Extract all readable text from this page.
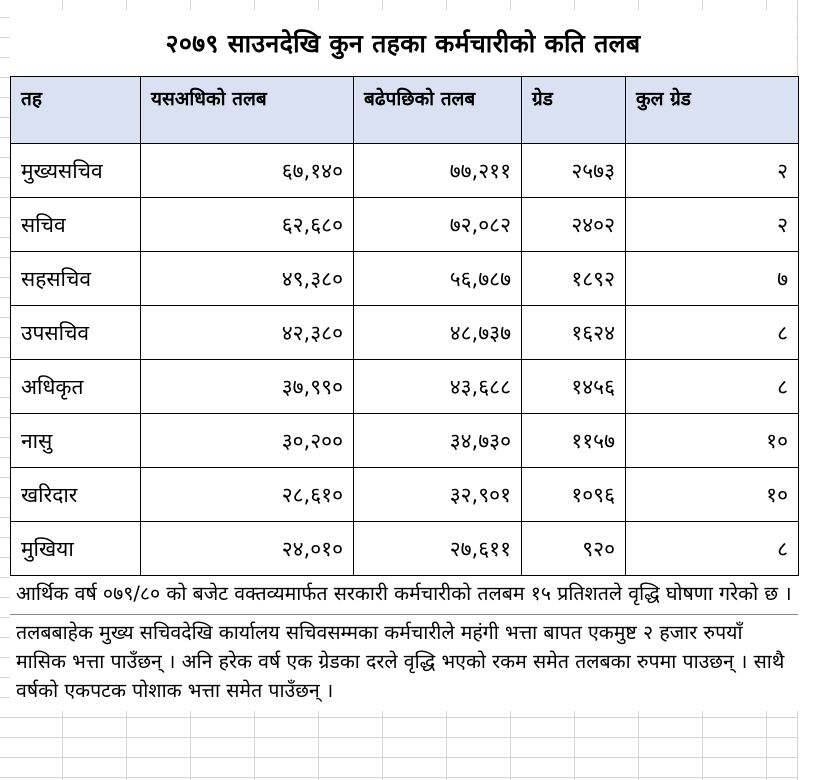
२०७९ साउनदेखि कुन तहका कर्मचारीको कति तलब
तह	यसअधिको तलब	बढेपछिको तलब	ग्रेड	कुल ग्रेड
मुख्यसचिव	६७,१४०	७७,२११	२५७३	२
सचिव	६२,६८०	७२,०८२	२४०२	२
सहसचिव	४९,३८०	५६,७८७	१८९२	७
उपसचिव	४२,३८०	४८,७३७	१६२४	८
अधिकृत	३७,९९०	४३,६८८	१४५६	८
नासु	३०,२००	३४,७३०	११५७	१०
खरिदार	२८,६१०	३२,९०१	१०९६	१०
मुखिया	२४,०१०	२७,६११	९२०	८
आर्थिक वर्ष ०७९/८० को बजेट वक्तव्यमार्फत सरकारी कर्मचारीको तलबम १५ प्रतिशतले वृद्धि घोषणा गरेको छ ।
तलबबाहेक मुख्य सचिवदेखि कार्यालय सचिवसम्मका कर्मचारीले महंगी भत्ता बापत एकमुष्ट २ हजार रुपयाँ मासिक भत्ता पाउँछन् । अनि हरेक वर्ष एक ग्रेडका दरले वृद्धि भएको रकम समेत तलबका रुपमा पाउछन् । साथै वर्षको एकपटक पोशाक भत्ता समेत पाउँछन् ।
